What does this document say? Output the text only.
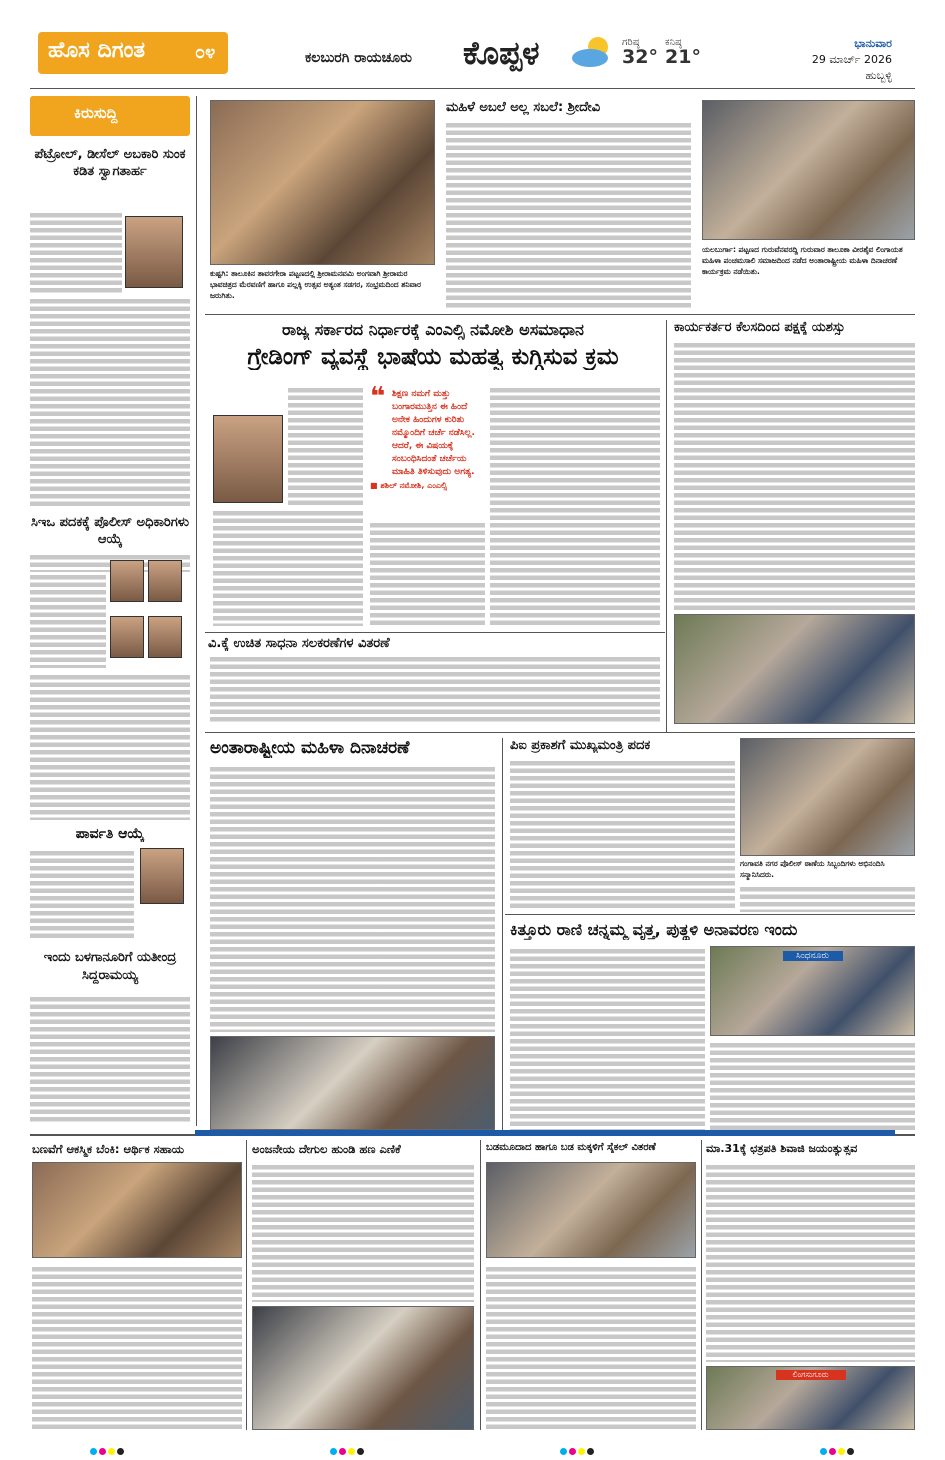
ಹೊಸ ದಿಗಂತ	೦೪	ಕಲಬುರಗಿ ರಾಯಚೂರು ಕೊಪ್ಪಳ	ಗರಿಷ್ಠ
32°
ಕನಿಷ್ಠ
21°
ಭಾನುವಾರ
29 ಮಾರ್ಚ್ 2026
ಹುಬ್ಬಳ್ಳಿ
ಕಿರುಸುದ್ದಿ
ಪೆಟ್ರೋಲ್, ಡೀಸೆಲ್ ಅಬಕಾರಿ ಸುಂಕ ಕಡಿತ ಸ್ವಾಗತಾರ್ಹ
ಸಿಇಒ ಪದಕಕ್ಕೆ ಪೊಲೀಸ್ ಅಧಿಕಾರಿಗಳು ಆಯ್ಕೆ
ಪಾರ್ವತಿ ಆಯ್ಕೆ
ಇಂದು ಬಳಗಾನೂರಿಗೆ ಯತೀಂದ್ರ ಸಿದ್ದರಾಮಯ್ಯ
ಕುಷ್ಟಗಿ: ತಾಲೂಕಿನ ತಾವರಗೇರಾ ಪಟ್ಟಣದಲ್ಲಿ ಶ್ರೀರಾಮನವಮಿ ಅಂಗವಾಗಿ ಶ್ರೀರಾಮರ ಭಾವಚಿತ್ರದ ಮೆರವಣಿಗೆ ಹಾಗೂ ಪಲ್ಲಕ್ಕಿ ಉತ್ಸವ ಅತ್ಯಂತ ಸಡಗರ, ಸಂಭ್ರಮದಿಂದ ಶನಿವಾರ ಜರುಗಿತು.
ಮಹಿಳೆ ಅಬಲೆ ಅಲ್ಲ ಸಬಲೆ: ಶ್ರೀದೇವಿ
ಯಲಬುರ್ಗಾ: ಪಟ್ಟಣದ ಗುರುವೆನವರದ್ದಿ ಗುರುವಾರ ತಾಲೂಕಾ ವೀರಶೈವ ಲಿಂಗಾಯತ ಮಹಿಳಾ ಪಂಚಮಸಾಲಿ ಸಮಾಜದಿಂದ ನಡೆದ ಅಂತಾರಾಷ್ಟ್ರೀಯ ಮಹಿಳಾ ದಿನಾಚರಣೆ ಕಾರ್ಯಕ್ರಮ ನಡೆಯಿತು.
ರಾಜ್ಯ ಸರ್ಕಾರದ ನಿರ್ಧಾರಕ್ಕೆ ಎಂಎಲ್ಸಿ ನಮೋಶಿ ಅಸಮಾಧಾನ
ಗ್ರೇಡಿಂಗ್ ವ್ಯವಸ್ಥೆ ಭಾಷೆಯ ಮಹತ್ವ ಕುಗ್ಗಿಸುವ ಕ್ರಮ
❝ ಶಿಕ್ಷಣ ನಮಗೆ ಮತ್ತು ಬಂಗಾರಮುತ್ತಿನ ಈ ಹಿಂದೆ ಅನೇಕ ಹಿಂದುಗಳ ಕುರಿತು ನಮ್ಮೊಂದಿಗೆ ಚರ್ಚೆ ನಡೆಸಿಲ್ಲ. ಆದರೆ, ಈ ವಿಷಯಕ್ಕೆ ಸಂಬಂಧಿಸಿದಂತೆ ಚರ್ಚೆಯ ಮಾಹಿತಿ ತಿಳಿಸುವುದು ಅಗತ್ಯ.
■ ಶಶಿಲ್ ನಮೋಶಿ, ಎಂಎಲ್ಸಿ
ಕಾರ್ಯಕರ್ತರ ಕೆಲಸದಿಂದ ಪಕ್ಷಕ್ಕೆ ಯಶಸ್ಸು
ವಿ.ಕ್ಕೆ ಉಚಿತ ಸಾಧನಾ ಸಲಕರಣೆಗಳ ವಿತರಣೆ
ಅಂತಾರಾಷ್ಟ್ರೀಯ ಮಹಿಳಾ ದಿನಾಚರಣೆ	ಪಿಐ ಪ್ರಕಾಶಗೆ ಮುಖ್ಯಮಂತ್ರಿ ಪದಕ
ಗಂಗಾವತಿ ನಗರ ಪೊಲೀಸ್ ಠಾಣೆಯ ಸಿಬ್ಬಂದಿಗಳು ಅಭಿನಂದಿಸಿ ಸನ್ಮಾನಿಸಿದರು.
ಕಿತ್ತೂರು ರಾಣಿ ಚನ್ನಮ್ಮ ವೃತ್ತ, ಪುತ್ಥಳಿ ಅನಾವರಣ ಇಂದು
ಸಿಂಧನೂರು
ಬಣವೆಗೆ ಆಕಸ್ಮಿಕ ಬೆಂಕಿ: ಆರ್ಥಿಕ ಸಹಾಯ	ಅಂಜನೇಯ ದೇಗುಲ ಹುಂಡಿ ಹಣ ಎಣಿಕೆ	ಬಡಮೂದಾದ ಹಾಗೂ ಬಡ ಮಕ್ಕಳಿಗೆ ಸೈಕಲ್ ವಿತರಣೆ	ಮಾ.31ಕ್ಕೆ ಛತ್ರಪತಿ ಶಿವಾಜಿ ಜಯಂತ್ಯುತ್ಸವ
ಲಿಂಗಸುಗೂರು
